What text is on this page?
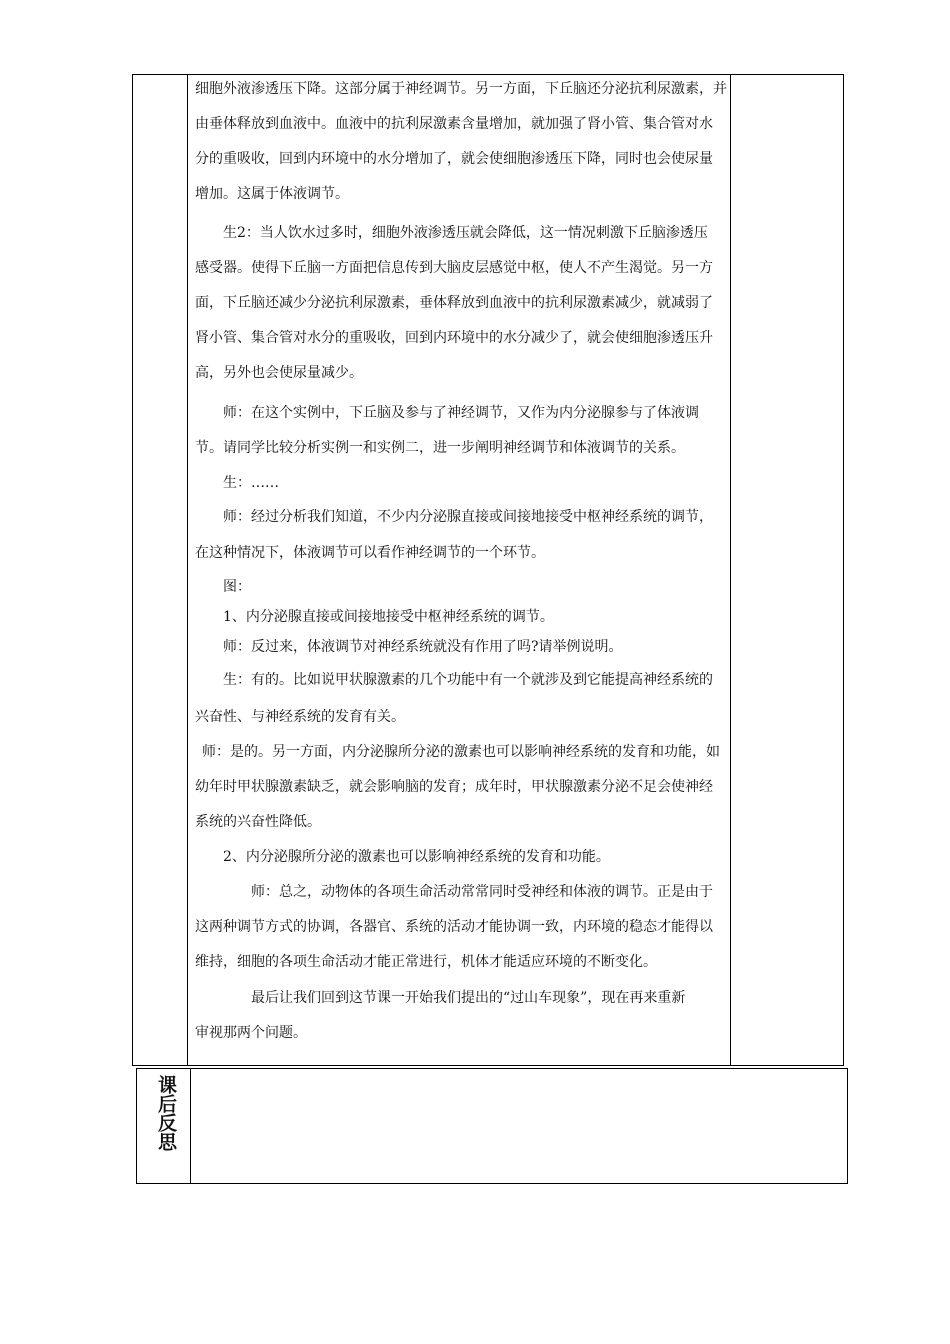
细胞外液渗透压下降。这部分属于神经调节。另一方面，下丘脑还分泌抗利尿激素，并
由垂体释放到血液中。血液中的抗利尿激素含量增加，就加强了肾小管、集合管对水
分的重吸收，回到内环境中的水分增加了，就会使细胞渗透压下降，同时也会使尿量
增加。这属于体液调节。
生2：当人饮水过多时，细胞外液渗透压就会降低，这一情况刺激下丘脑渗透压
感受器。使得下丘脑一方面把信息传到大脑皮层感觉中枢，使人不产生渴觉。另一方
面，下丘脑还减少分泌抗利尿激素，垂体释放到血液中的抗利尿激素减少，就减弱了
肾小管、集合管对水分的重吸收，回到内环境中的水分减少了，就会使细胞渗透压升
高，另外也会使尿量减少。
师：在这个实例中，下丘脑及参与了神经调节，又作为内分泌腺参与了体液调
节。请同学比较分析实例一和实例二，进一步阐明神经调节和体液调节的关系。
生：……
师：经过分析我们知道，不少内分泌腺直接或间接地接受中枢神经系统的调节，
在这种情况下，体液调节可以看作神经调节的一个环节。
图：
1、内分泌腺直接或间接地接受中枢神经系统的调节。
师：反过来，体液调节对神经系统就没有作用了吗?请举例说明。
生：有的。比如说甲状腺激素的几个功能中有一个就涉及到它能提高神经系统的
兴奋性、与神经系统的发育有关。
师：是的。另一方面，内分泌腺所分泌的激素也可以影响神经系统的发育和功能，如
幼年时甲状腺激素缺乏，就会影响脑的发育；成年时，甲状腺激素分泌不足会使神经
系统的兴奋性降低。
2、内分泌腺所分泌的激素也可以影响神经系统的发育和功能。
师：总之，动物体的各项生命活动常常同时受神经和体液的调节。正是由于
这两种调节方式的协调，各器官、系统的活动才能协调一致，内环境的稳态才能得以
维持，细胞的各项生命活动才能正常进行，机体才能适应环境的不断变化。
最后让我们回到这节课一开始我们提出的“过山车现象”，现在再来重新
审视那两个问题。
课后反思
